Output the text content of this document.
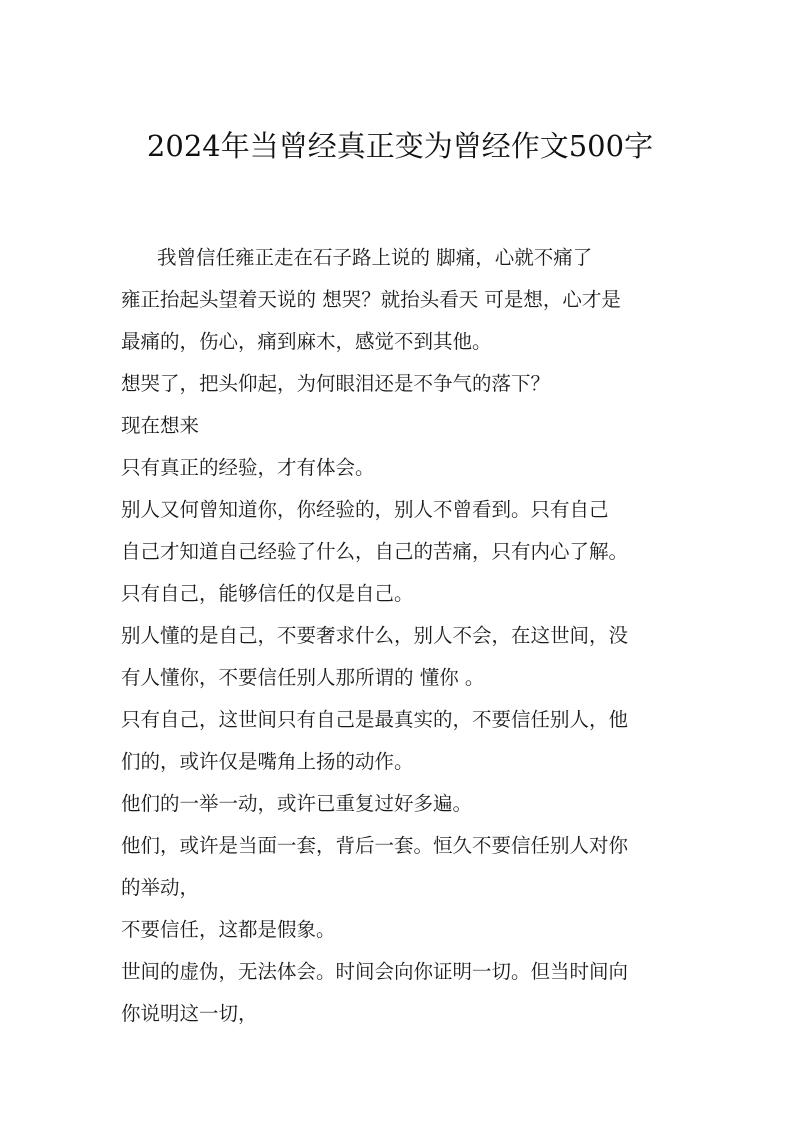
2024年当曾经真正变为曾经作文500字
我曾信任雍正走在石子路上说的 脚痛，心就不痛了
雍正抬起头望着天说的 想哭？就抬头看天 可是想，心才是
最痛的，伤心，痛到麻木，感觉不到其他。
想哭了，把头仰起，为何眼泪还是不争气的落下？
现在想来
只有真正的经验，才有体会。
别人又何曾知道你，你经验的，别人不曾看到。只有自己
自己才知道自己经验了什么，自己的苦痛，只有内心了解。
只有自己，能够信任的仅是自己。
别人懂的是自己，不要奢求什么，别人不会，在这世间，没
有人懂你，不要信任别人那所谓的 懂你 。
只有自己，这世间只有自己是最真实的，不要信任别人，他
们的，或许仅是嘴角上扬的动作。
他们的一举一动，或许已重复过好多遍。
他们，或许是当面一套，背后一套。恒久不要信任别人对你
的举动，
不要信任，这都是假象。
世间的虚伪，无法体会。时间会向你证明一切。但当时间向
你说明这一切，
